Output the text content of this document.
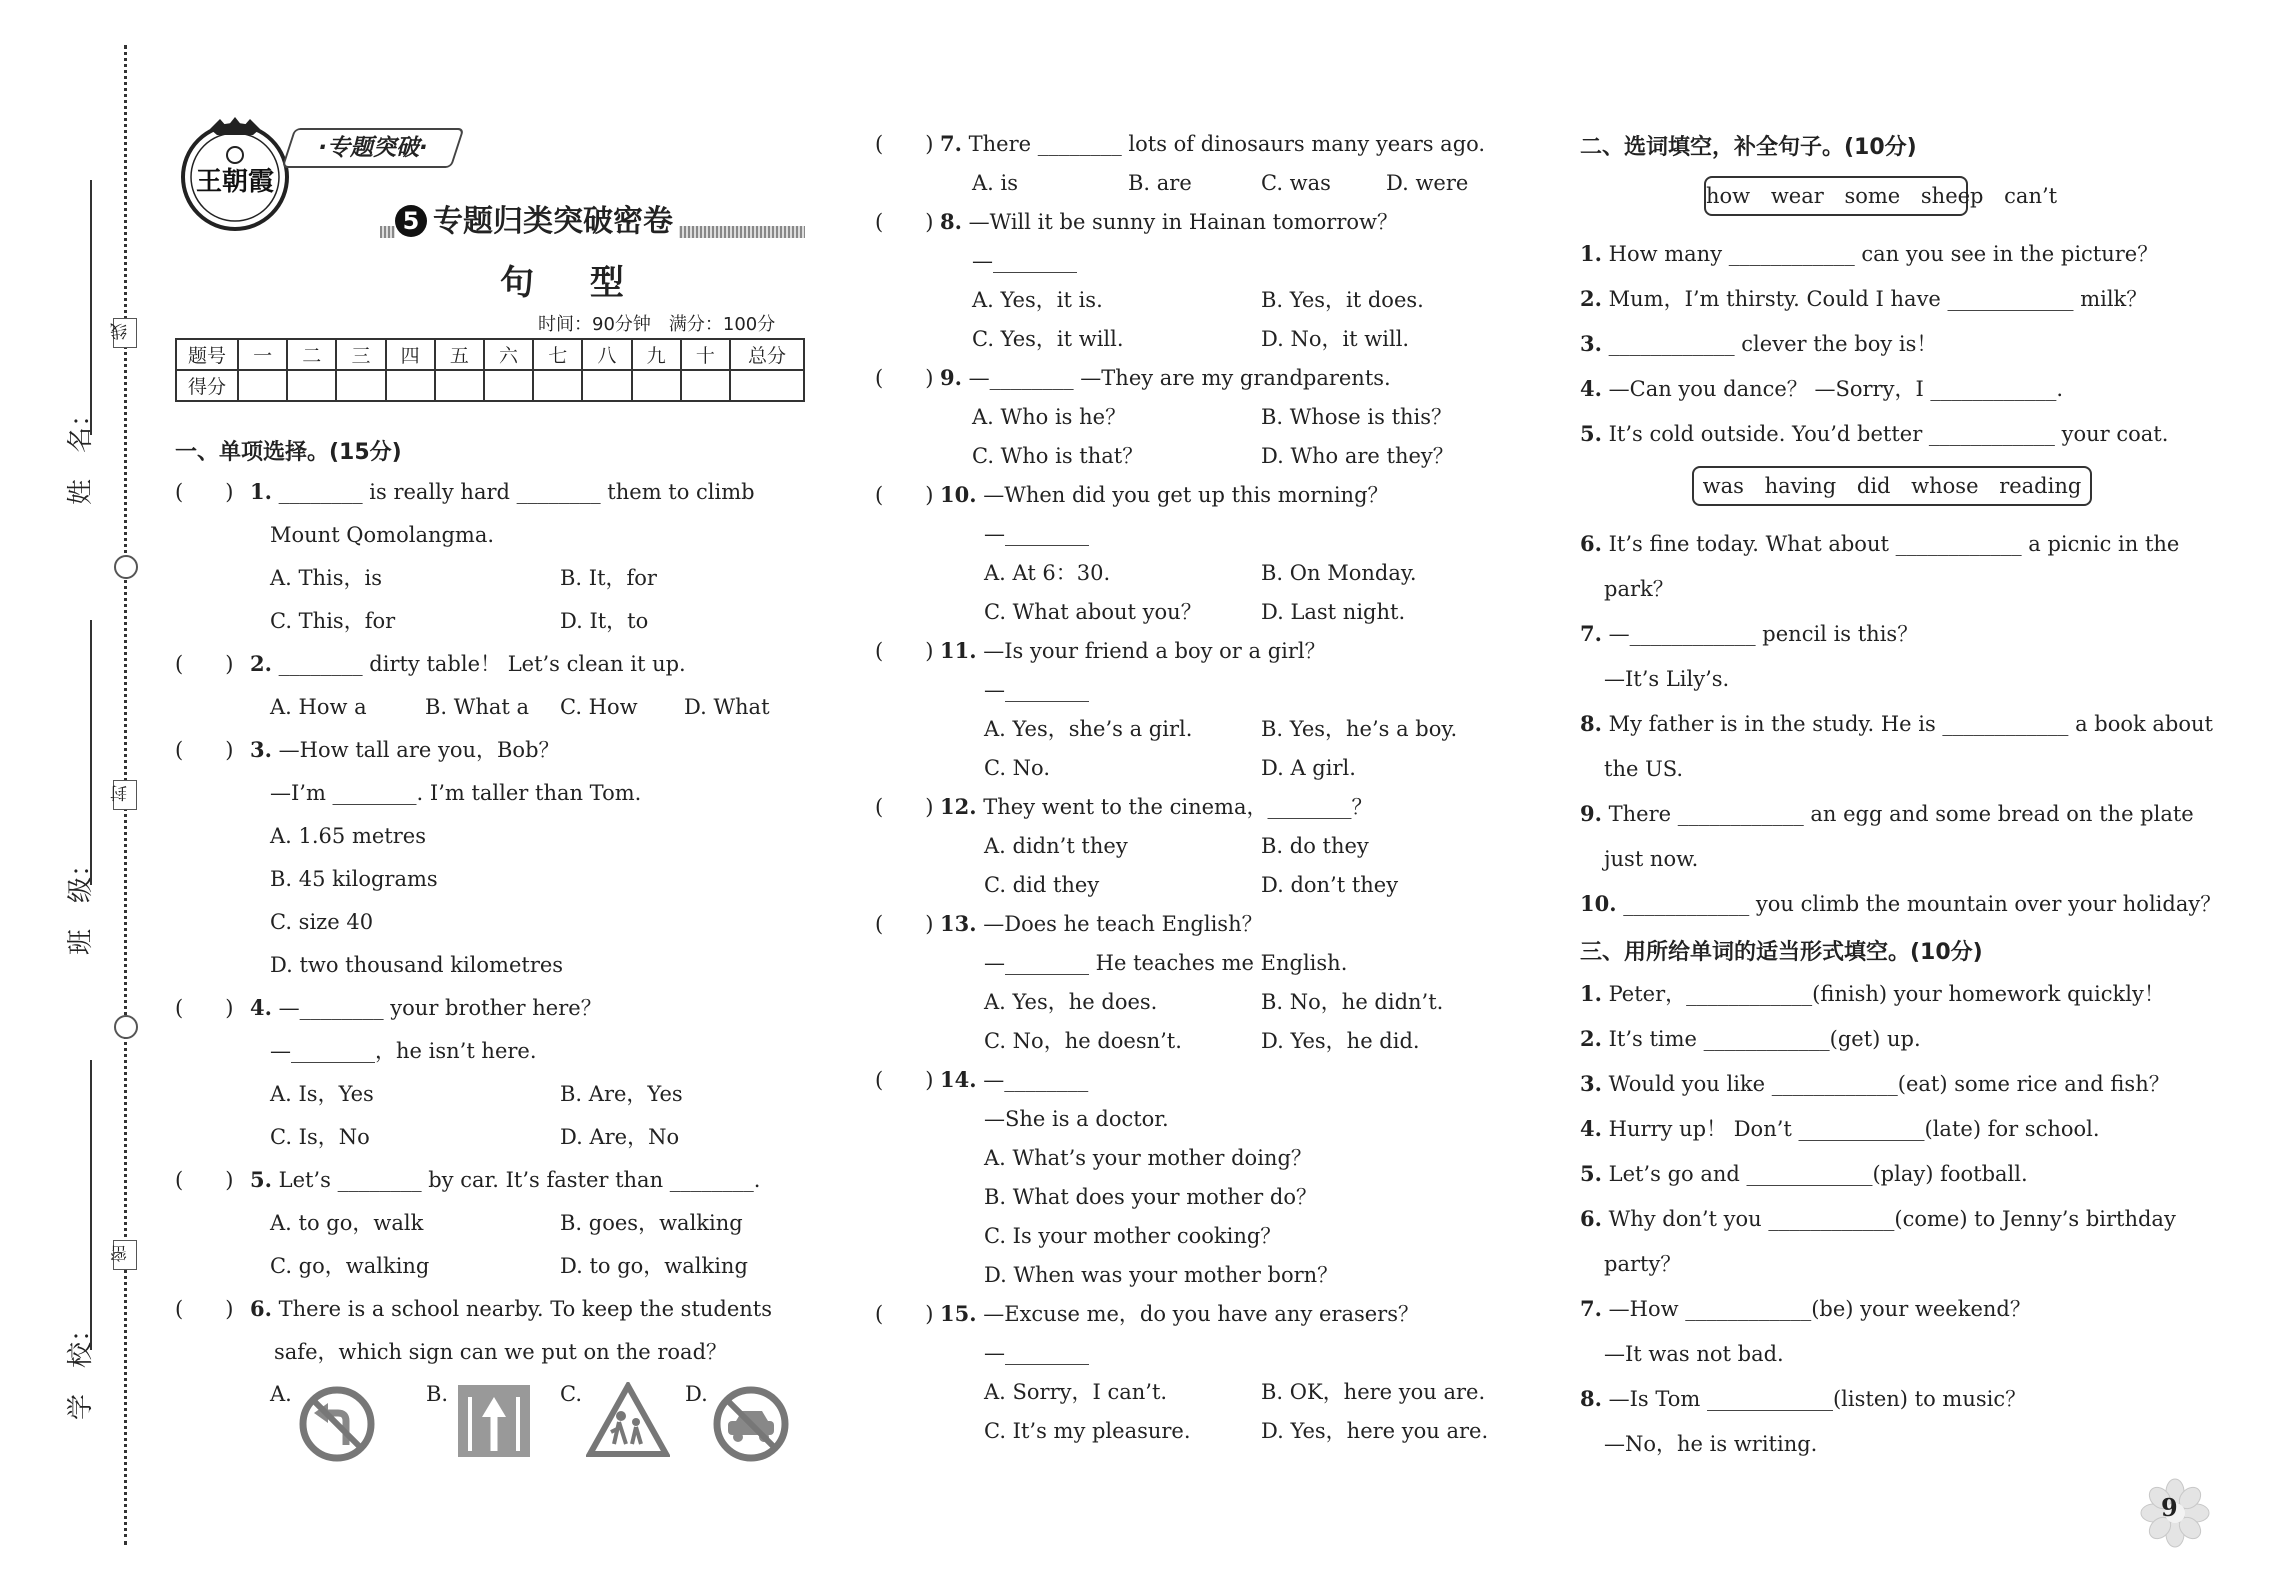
姓　名：
班　级：
学　校：
线
封
密
王朝霞
·专题突破·
5 专题归类突破密卷
句 型
时间：90分钟　满分：100分
题号	一	二	三	四	五	六	七	八	九	十	总分
得分											
一、单项选择。(15分)
(　　) 1. ________ is really hard ________ them to climb
Mount Qomolangma.
A. This，is	B. It，for
C. This，for	D. It，to
(　　) 2. ________ dirty table！ Let’s clean it up.
A. How a	B. What a C. How D. What
(　　) 3. —How tall are you，Bob？
—I’m ________. I’m taller than Tom.
A. 1.65 metres
B. 45 kilograms
C. size 40
D. two thousand kilometres
(　　) 4. —________ your brother here？
—________，he isn’t here.
A. Is，Yes	B. Are，Yes
C. Is，No	D. Are，No
(　　) 5. Let’s ________ by car. It’s faster than ________.
A. to go，walk	B. goes，walking
C. go，walking	D. to go，walking
(　　) 6. There is a school nearby. To keep the students
safe，which sign can we put on the road？
A.	B.	C.	D.
(　　) 7. There ________ lots of dinosaurs many years ago.
A. is	B. are	C. was	D. were
(　　) 8. —Will it be sunny in Hainan tomorrow？
—________
A. Yes，it is.	B. Yes，it does.
C. Yes，it will.	D. No，it will.
(　　) 9. —________ —They are my grandparents.
A. Who is he？	B. Whose is this？
C. Who is that？	D. Who are they？
(　　) 10. —When did you get up this morning？
—________
A. At 6：30.	B. On Monday.
C. What about you？	D. Last night.
(　　) 11. —Is your friend a boy or a girl？
—________
A. Yes，she’s a girl.	B. Yes，he’s a boy.
C. No.	D. A girl.
(　　) 12. They went to the cinema，________？
A. didn’t they	B. do they
C. did they	D. don’t they
(　　) 13. —Does he teach English？
—________ He teaches me English.
A. Yes，he does.	B. No，he didn’t.
C. No，he doesn’t.	D. Yes，he did.
(　　) 14. —________
—She is a doctor.
A. What’s your mother doing？
B. What does your mother do？
C. Is your mother cooking？
D. When was your mother born？
(　　) 15. —Excuse me，do you have any erasers？
—________
A. Sorry，I can’t.	B. OK，here you are.
C. It’s my pleasure.	D. Yes，here you are.
二、选词填空，补全句子。(10分)
how wear some sheep can’t
1. How many ____________ can you see in the picture？
2. Mum，I’m thirsty. Could I have ____________ milk？
3. ____________ clever the boy is！
4. —Can you dance？ —Sorry，I ____________.
5. It’s cold outside. You’d better ____________ your coat.
was having did whose reading
6. It’s fine today. What about ____________ a picnic in the
park？
7. —____________ pencil is this？
—It’s Lily’s.
8. My father is in the study. He is ____________ a book about
the US.
9. There ____________ an egg and some bread on the plate
just now.
10. ____________ you climb the mountain over your holiday？
三、用所给单词的适当形式填空。(10分)
1. Peter，____________(finish) your homework quickly！
2. It’s time ____________(get) up.
3. Would you like ____________(eat) some rice and fish？
4. Hurry up！ Don’t ____________(late) for school.
5. Let’s go and ____________(play) football.
6. Why don’t you ____________(come) to Jenny’s birthday
party？
7. —How ____________(be) your weekend？
—It was not bad.
8. —Is Tom ____________(listen) to music？
—No，he is writing.
9
